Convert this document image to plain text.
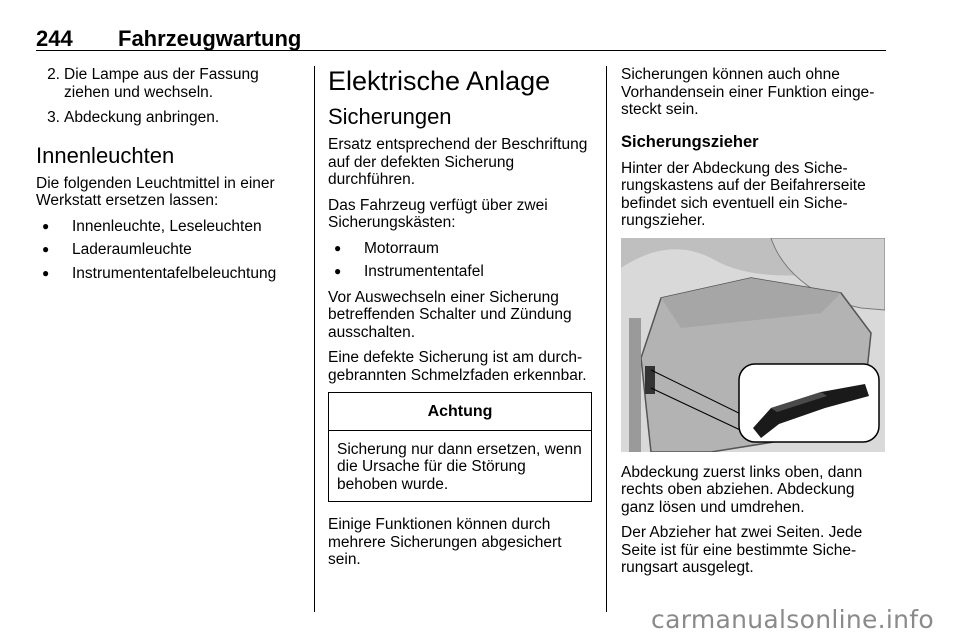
244 Fahrzeugwartung
2. Die Lampe aus der Fassung ziehen und wechseln.
3. Abdeckung anbringen.
Innenleuchten

Die folgenden Leuchtmittel in einer Werkstatt ersetzen lassen:

●	Innenleuchte, Leseleuchten
●	Laderaumleuchte
●	Instrumententafelbeleuchtung
Elektrische Anlage
Sicherungen

Ersatz entsprechend der Beschriftung auf der defekten Sicherung durchführen.

Das Fahrzeug verfügt über zwei Sicherungskästen:

●	Motorraum
●	Instrumententafel

Vor Auswechseln einer Sicherung betreffenden Schalter und Zündung ausschalten.

Eine defekte Sicherung ist am durchgebrannten Schmelzfaden erkennbar.

Achtung
Sicherung nur dann ersetzen, wenn die Ursache für die Störung behoben wurde.

Einige Funktionen können durch mehrere Sicherungen abgesichert sein.

Sicherungen können auch ohne Vorhandensein einer Funktion eingesteckt sein.

Sicherungszieher

Hinter der Abdeckung des Sicherungskastens auf der Beifahrerseite befindet sich eventuell ein Sicherungszieher.

Abdeckung zuerst links oben, dann rechts oben abziehen. Abdeckung ganz lösen und umdrehen.

Der Abzieher hat zwei Seiten. Jede Seite ist für eine bestimmte Sicherungsart ausgelegt.

carmanualsonline.info
